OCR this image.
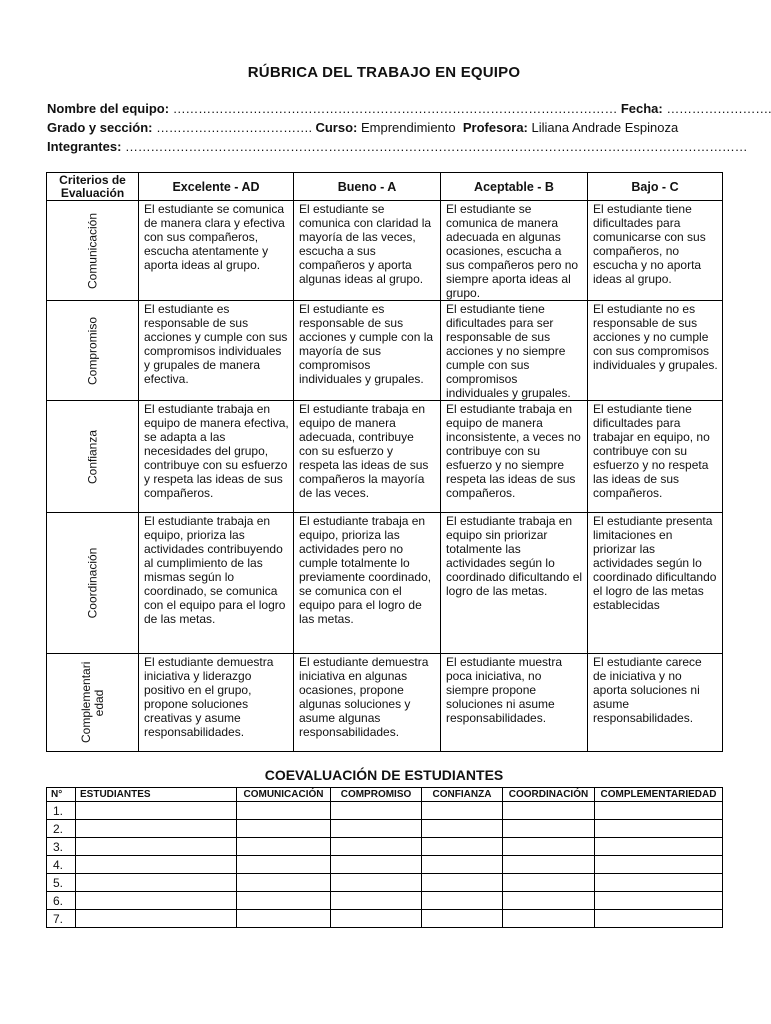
RÚBRICA DEL TRABAJO EN EQUIPO
Nombre del equipo: …………………………………………………………………………………………… Fecha: …………………….
Grado y sección: ………………………………. Curso: Emprendimiento Profesora: Liliana Andrade Espinoza
Integrantes: …………………………………………………………………………………………………………………………………
Criterios de Evaluación	Excelente - AD	Bueno - A	Aceptable - B	Bajo - C

Comunicación	El estudiante se comunica de manera clara y efectiva con sus compañeros, escucha atentamente y aporta ideas al grupo.	El estudiante se comunica con claridad la mayoría de las veces, escucha a sus compañeros y aporta algunas ideas al grupo.	El estudiante se comunica de manera adecuada en algunas ocasiones, escucha a sus compañeros pero no siempre aporta ideas al grupo.	El estudiante tiene dificultades para comunicarse con sus compañeros, no escucha y no aporta ideas al grupo.

Compromiso	El estudiante es responsable de sus acciones y cumple con sus compromisos individuales y grupales de manera efectiva.	El estudiante es responsable de sus acciones y cumple con la mayoría de sus compromisos individuales y grupales.	El estudiante tiene dificultades para ser responsable de sus acciones y no siempre cumple con sus compromisos individuales y grupales.	El estudiante no es responsable de sus acciones y no cumple con sus compromisos individuales y grupales.

Confianza	El estudiante trabaja en equipo de manera efectiva, se adapta a las necesidades del grupo, contribuye con su esfuerzo y respeta las ideas de sus compañeros.	El estudiante trabaja en equipo de manera adecuada, contribuye con su esfuerzo y respeta las ideas de sus compañeros la mayoría de las veces.	El estudiante trabaja en equipo de manera inconsistente, a veces no contribuye con su esfuerzo y no siempre respeta las ideas de sus compañeros.	El estudiante tiene dificultades para trabajar en equipo, no contribuye con su esfuerzo y no respeta las ideas de sus compañeros.

Coordinación	El estudiante trabaja en equipo, prioriza las actividades contribuyendo al cumplimiento de las mismas según lo coordinado, se comunica con el equipo para el logro de las metas.	El estudiante trabaja en equipo, prioriza las actividades pero no cumple totalmente lo previamente coordinado, se comunica con el equipo para el logro de las metas.	El estudiante trabaja en equipo sin priorizar totalmente las actividades según lo coordinado dificultando el logro de las metas.	El estudiante presenta limitaciones en priorizar las actividades según lo coordinado dificultando el logro de las metas establecidas

Complementari edad	El estudiante demuestra iniciativa y liderazgo positivo en el grupo, propone soluciones creativas y asume responsabilidades.	El estudiante demuestra iniciativa en algunas ocasiones, propone algunas soluciones y asume algunas responsabilidades.	El estudiante muestra poca iniciativa, no siempre propone soluciones ni asume responsabilidades.	El estudiante carece de iniciativa y no aporta soluciones ni asume responsabilidades.
COEVALUACIÓN DE ESTUDIANTES
N°	ESTUDIANTES	COMUNICACIÓN	COMPROMISO	CONFIANZA	COORDINACIÓN	COMPLEMENTARIEDAD
1.						
2.						
3.						
4.						
5.						
6.						
7.						
